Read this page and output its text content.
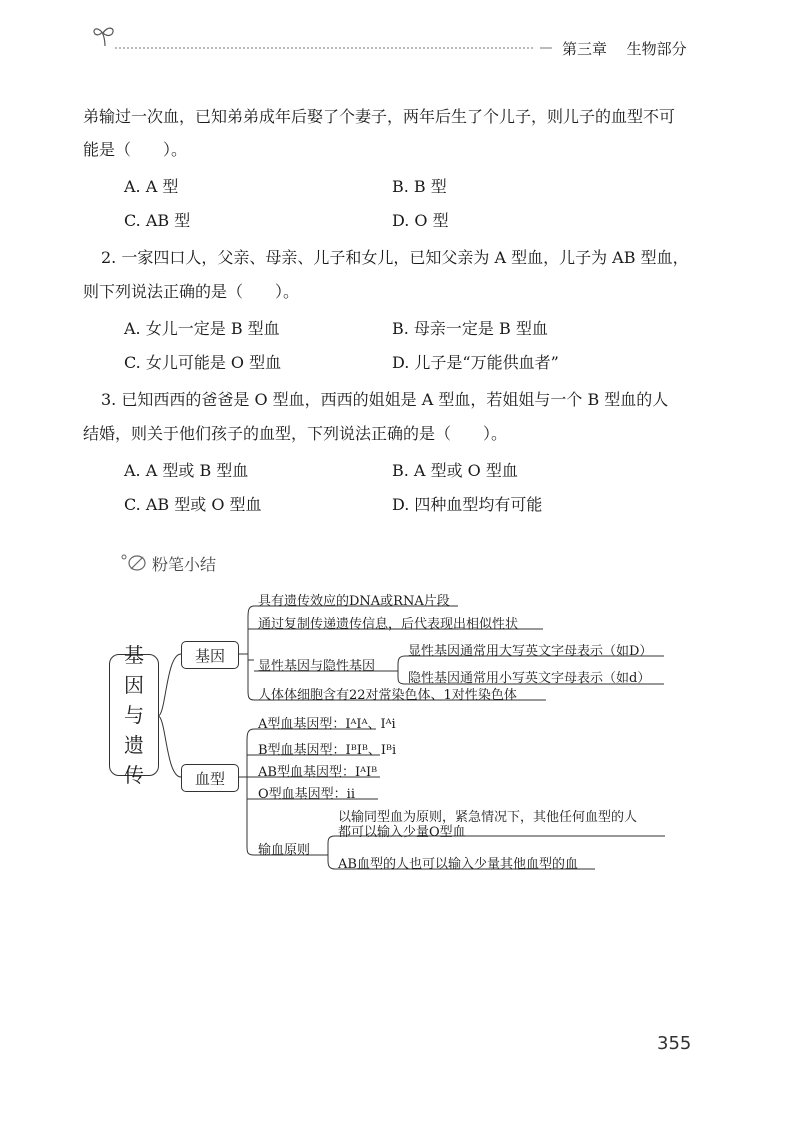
第三章 生物部分
弟输过一次血，已知弟弟成年后娶了个妻子，两年后生了个儿子，则儿子的血型不可
能是（　　）。
A. A 型	B. B 型
C. AB 型	D. O 型
2. 一家四口人，父亲、母亲、儿子和女儿，已知父亲为 A 型血，儿子为 AB 型血，
则下列说法正确的是（　　）。
A. 女儿一定是 B 型血	B. 母亲一定是 B 型血
C. 女儿可能是 O 型血	D. 儿子是“万能供血者”
3. 已知西西的爸爸是 O 型血，西西的姐姐是 A 型血，若姐姐与一个 B 型血的人
结婚，则关于他们孩子的血型，下列说法正确的是（　　）。
A. A 型或 B 型血	B. A 型或 O 型血
C. AB 型或 O 型血	D. 四种血型均有可能
粉笔小结
基
因
与
遗
传
基因
血型
具有遗传效应的DNA或RNA片段
通过复制传递遗传信息，后代表现出相似性状
显性基因与隐性基因
显性基因通常用大写英文字母表示（如D）
隐性基因通常用小写英文字母表示（如d）
人体体细胞含有22对常染色体、1对性染色体
A型血基因型：IᴬIᴬ、Iᴬi
B型血基因型：IᴮIᴮ、Iᴮi
AB型血基因型：IᴬIᴮ
O型血基因型：ii
输血原则
以输同型血为原则，紧急情况下，其他任何血型的人
都可以输入少量O型血
AB血型的人也可以输入少量其他血型的血
355
